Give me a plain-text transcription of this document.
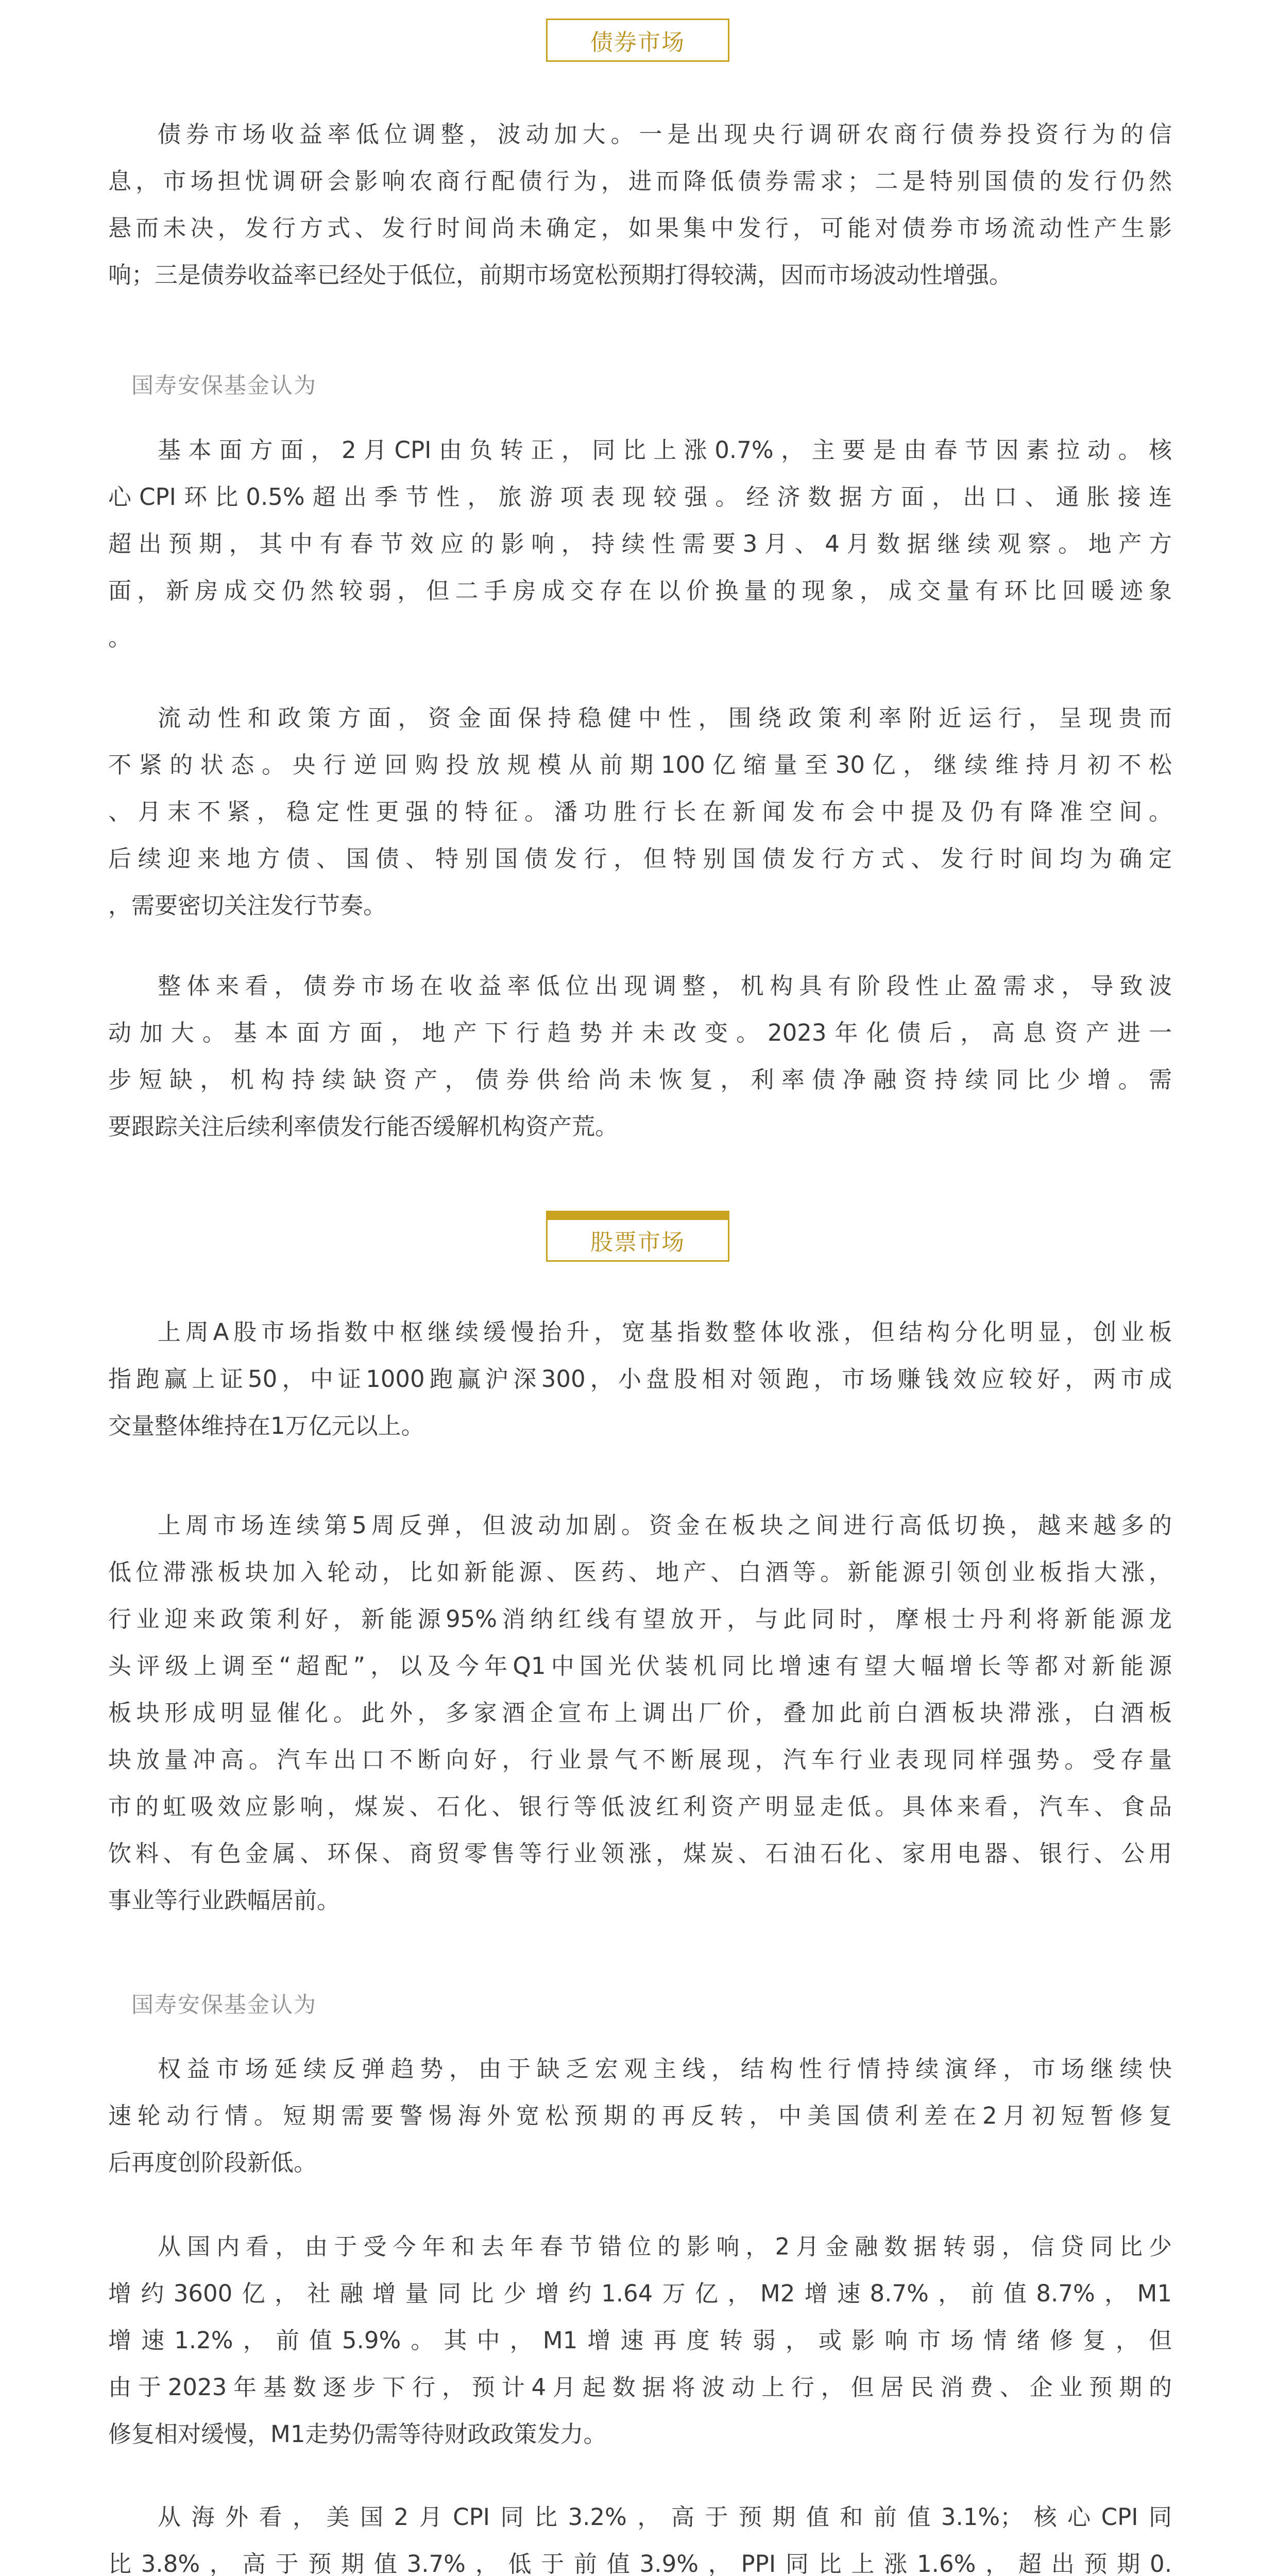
债券市场
债券市场收益率低位调整，波动加大。一是出现央行调研农商行债券投资行为的信
息，市场担忧调研会影响农商行配债行为，进而降低债券需求；二是特别国债的发行仍然
悬而未决，发行方式、发行时间尚未确定，如果集中发行，可能对债券市场流动性产生影
响；三是债券收益率已经处于低位，前期市场宽松预期打得较满，因而市场波动性增强。
国寿安保基金认为
基本面方面，2月CPI由负转正，同比上涨0.7%，主要是由春节因素拉动。核
心CPI环比0.5%超出季节性，旅游项表现较强。经济数据方面，出口、通胀接连
超出预期，其中有春节效应的影响，持续性需要3月、4月数据继续观察。地产方
面，新房成交仍然较弱，但二手房成交存在以价换量的现象，成交量有环比回暖迹象
。
流动性和政策方面，资金面保持稳健中性，围绕政策利率附近运行，呈现贵而
不紧的状态。央行逆回购投放规模从前期100亿缩量至30亿，继续维持月初不松
、月末不紧，稳定性更强的特征。潘功胜行长在新闻发布会中提及仍有降准空间。
后续迎来地方债、国债、特别国债发行，但特别国债发行方式、发行时间均为确定
，需要密切关注发行节奏。
整体来看，债券市场在收益率低位出现调整，机构具有阶段性止盈需求，导致波
动加大。基本面方面，地产下行趋势并未改变。2023年化债后，高息资产进一
步短缺，机构持续缺资产，债券供给尚未恢复，利率债净融资持续同比少增。需
要跟踪关注后续利率债发行能否缓解机构资产荒。
股票市场
上周A股市场指数中枢继续缓慢抬升，宽基指数整体收涨，但结构分化明显，创业板
指跑赢上证50，中证1000跑赢沪深300，小盘股相对领跑，市场赚钱效应较好，两市成
交量整体维持在1万亿元以上。
上周市场连续第5周反弹，但波动加剧。资金在板块之间进行高低切换，越来越多的
低位滞涨板块加入轮动，比如新能源、医药、地产、白酒等。新能源引领创业板指大涨，
行业迎来政策利好，新能源95%消纳红线有望放开，与此同时，摩根士丹利将新能源龙
头评级上调至“超配”，以及今年Q1中国光伏装机同比增速有望大幅增长等都对新能源
板块形成明显催化。此外，多家酒企宣布上调出厂价，叠加此前白酒板块滞涨，白酒板
块放量冲高。汽车出口不断向好，行业景气不断展现，汽车行业表现同样强势。受存量
市的虹吸效应影响，煤炭、石化、银行等低波红利资产明显走低。具体来看，汽车、食品
饮料、有色金属、环保、商贸零售等行业领涨，煤炭、石油石化、家用电器、银行、公用
事业等行业跌幅居前。
国寿安保基金认为
权益市场延续反弹趋势，由于缺乏宏观主线，结构性行情持续演绎，市场继续快
速轮动行情。短期需要警惕海外宽松预期的再反转，中美国债利差在2月初短暂修复
后再度创阶段新低。
从国内看，由于受今年和去年春节错位的影响，2月金融数据转弱，信贷同比少
增约3600亿，社融增量同比少增约1.64万亿，M2增速8.7%，前值8.7%，M1
增速1.2%，前值5.9%。其中，M1增速再度转弱，或影响市场情绪修复，但
由于2023年基数逐步下行，预计4月起数据将波动上行，但居民消费、企业预期的
修复相对缓慢，M1走势仍需等待财政政策发力。
从海外看，美国2月CPI同比3.2%，高于预期值和前值3.1%；核心CPI同
比3.8%，高于预期值3.7%，低于前值3.9%，PPI同比上涨1.6%，超出预期0.
